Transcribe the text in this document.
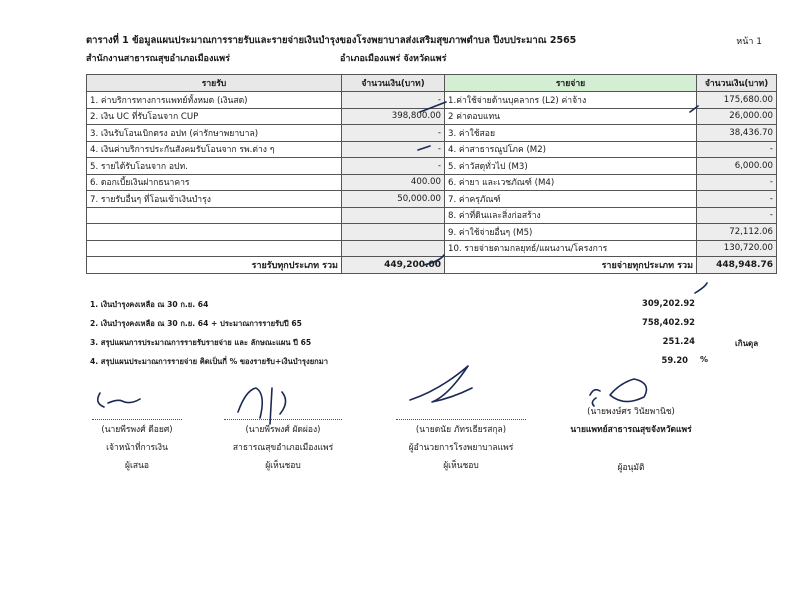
ตารางที่ 1 ข้อมูลแผนประมาณการรายรับและรายจ่ายเงินบำรุงของโรงพยาบาลส่งเสริมสุขภาพตำบล ปีงบประมาณ 2565	หน้า 1
สำนักงานสาธารณสุขอำเภอเมืองแพร่	อำเภอเมืองแพร่ จังหวัดแพร่
รายรับ	จำนวนเงิน(บาท)	รายจ่าย	จำนวนเงิน(บาท)
1. ค่าบริการทางการแพทย์ทั้งหมด (เงินสด)	-	1.ค่าใช้จ่ายด้านบุคลากร (L2) ค่าจ้าง	175,680.00
2. เงิน UC ที่รับโอนจาก CUP	398,800.00	2 ค่าตอบแทน	26,000.00
3. เงินรับโอนเบิกตรง อปท (ค่ารักษาพยาบาล)	-	3. ค่าใช้สอย	38,436.70
4. เงินค่าบริการประกันสังคมรับโอนจาก รพ.ต่าง ๆ	-	4. ค่าสาธารณูปโภค (M2)	-
5. รายได้รับโอนจาก อปท.	-	5. ค่าวัสดุทั่วไป (M3)	6,000.00
6. ดอกเบี้ยเงินฝากธนาคาร	400.00	6. ค่ายา และเวชภัณฑ์ (M4)	-
7. รายรับอื่นๆ ที่โอนเข้าเงินบำรุง	50,000.00	7. ค่าครุภัณฑ์	-
		8. ค่าที่ดินและสิ่งก่อสร้าง	-
		9. ค่าใช้จ่ายอื่นๆ (M5)	72,112.06
		10. รายจ่ายตามกลยุทธ์/แผนงาน/โครงการ	130,720.00
รายรับทุกประเภท รวม	449,200.00	รายจ่ายทุกประเภท รวม	448,948.76
1. เงินบำรุงคงเหลือ ณ 30 ก.ย. 64	309,202.92
2. เงินบำรุงคงเหลือ ณ 30 ก.ย. 64 + ประมาณการรายรับปี 65	758,402.92
3. สรุปแผนการประมาณการรายรับรายจ่าย และ ลักษณะแผน ปี 65	251.24	เกินดุล
4. สรุปแผนประมาณการรายจ่าย คิดเป็นกี่ % ของรายรับ+เงินบำรุงยกมา	59.20 %
(นายพีรพงศ์ ดีอยศ)
เจ้าหน้าที่การเงิน
ผู้เสนอ
(นายพีรพงศ์ ผัดผ่อง)
สาธารณสุขอำเภอเมืองแพร่
ผู้เห็นชอบ
(นายดนัย ภัทรเธียรสกุล)
ผู้อำนวยการโรงพยาบาลแพร่
ผู้เห็นชอบ
(นายพงษ์ศร วินัยพานิช)
นายแพทย์สาธารณสุขจังหวัดแพร่
ผู้อนุมัติ
